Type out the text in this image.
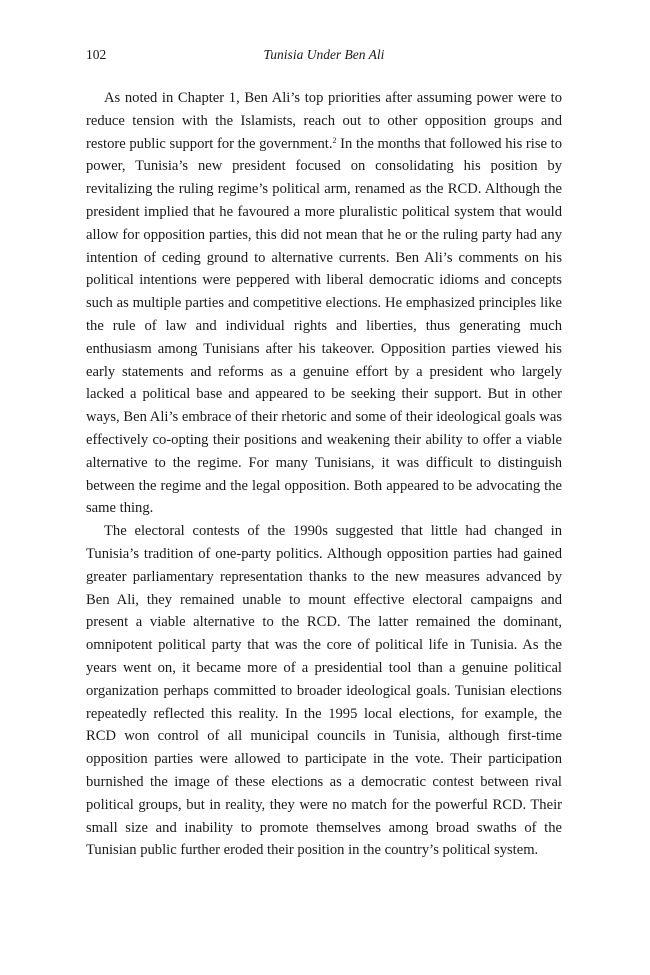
102	Tunisia Under Ben Ali

As noted in Chapter 1, Ben Ali’s top priorities after assuming power were to reduce tension with the Islamists, reach out to other opposition groups and restore public support for the government.$^2$ In the months that followed his rise to power, Tunisia’s new president focused on consolidating his position by revitalizing the ruling regime’s political arm, renamed as the RCD. Although the president implied that he favoured a more pluralistic political system that would allow for opposition parties, this did not mean that he or the ruling party had any intention of ceding ground to alternative currents. Ben Ali’s comments on his political intentions were peppered with liberal democratic idioms and concepts such as multiple parties and competitive elections. He emphasized principles like the rule of law and individual rights and liberties, thus generating much enthusiasm among Tunisians after his takeover. Opposition parties viewed his early statements and reforms as a genuine effort by a president who largely lacked a political base and appeared to be seeking their support. But in other ways, Ben Ali’s embrace of their rhetoric and some of their ideological goals was effectively co-opting their positions and weakening their ability to offer a viable alternative to the regime. For many Tunisians, it was difficult to distinguish between the regime and the legal opposition. Both appeared to be advocating the same thing.

The electoral contests of the 1990s suggested that little had changed in Tunisia’s tradition of one-party politics. Although opposition parties had gained greater parliamentary representation thanks to the new measures advanced by Ben Ali, they remained unable to mount effective electoral campaigns and present a viable alternative to the RCD. The latter remained the dominant, omnipotent political party that was the core of political life in Tunisia. As the years went on, it became more of a presidential tool than a genuine political organization perhaps committed to broader ideological goals. Tunisian elections repeatedly reflected this reality. In the 1995 local elections, for example, the RCD won control of all municipal councils in Tunisia, although first-time opposition parties were allowed to participate in the vote. Their participation burnished the image of these elections as a democratic contest between rival political groups, but in reality, they were no match for the powerful RCD. Their small size and inability to promote themselves among broad swaths of the Tunisian public further eroded their position in the country’s political system.
